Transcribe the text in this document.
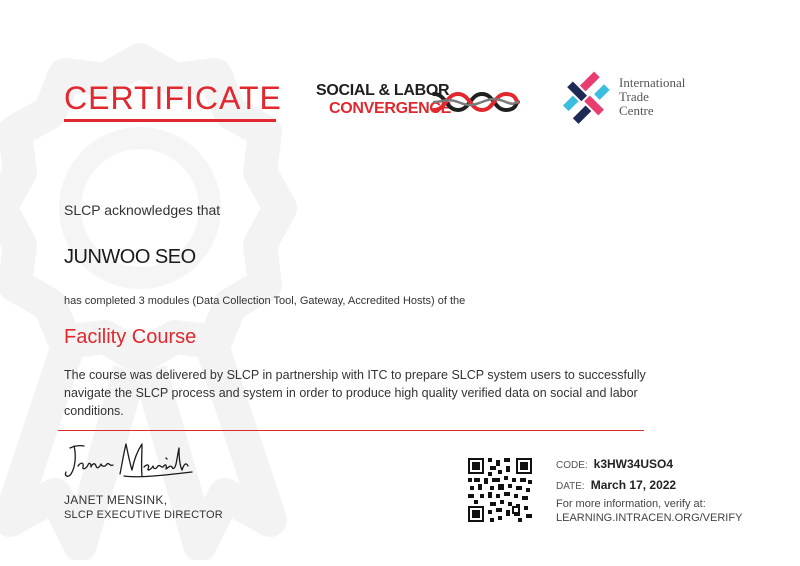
CERTIFICATE SOCIAL & LABOR
CONVERGENCE
International
Trade
Centre
SLCP acknowledges that
JUNWOO SEO
has completed 3 modules (Data Collection Tool, Gateway, Accredited Hosts) of the
Facility Course
The course was delivered by SLCP in partnership with ITC to prepare SLCP system users to successfully navigate the SLCP process and system in order to produce high quality verified data on social and labor conditions.
JANET MENSINK,
SLCP EXECUTIVE DIRECTOR
CODE: k3HW34USO4
DATE: March 17, 2022
For more information, verify at:
LEARNING.INTRACEN.ORG/VERIFY
